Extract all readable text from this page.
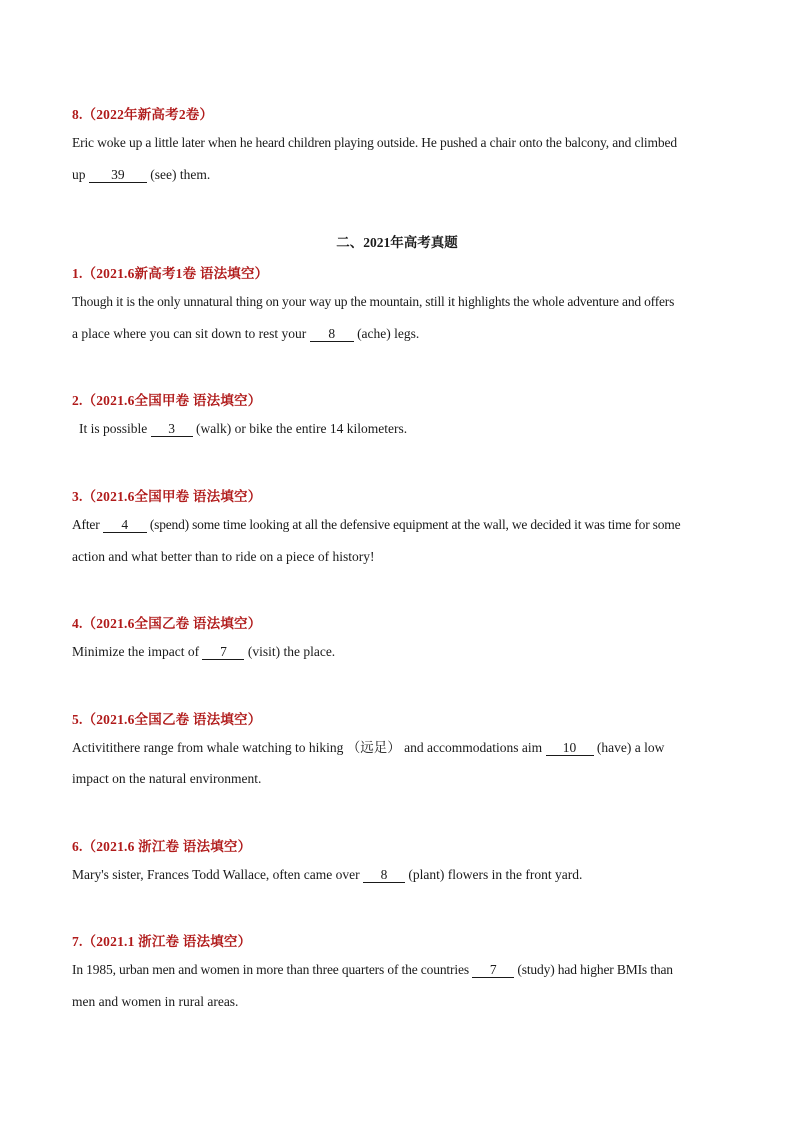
8.（2022年新高考2卷）
Eric woke up a little later when he heard children playing outside. He pushed a chair onto the balcony, and climbed
up 39 (see) them.
二、2021年高考真题
1.（2021.6新高考1卷 语法填空）
Though it is the only unnatural thing on your way up the mountain, still it highlights the whole adventure and offers
a place where you can sit down to rest your 8 (ache) legs.
2.（2021.6全国甲卷 语法填空）
It is possible 3 (walk) or bike the entire 14 kilometers.
3.（2021.6全国甲卷 语法填空）
After 4 (spend) some time looking at all the defensive equipment at the wall, we decided it was time for some
action and what better than to ride on a piece of history!
4.（2021.6全国乙卷 语法填空）
Minimize the impact of 7 (visit) the place.
5.（2021.6全国乙卷 语法填空）
Activitithere range from whale watching to hiking （远足） and accommodations aim 10 (have) a low
impact on the natural environment.
6.（2021.6 浙江卷 语法填空）
Mary's sister, Frances Todd Wallace, often came over 8 (plant) flowers in the front yard.
7.（2021.1 浙江卷 语法填空）
In 1985, urban men and women in more than three quarters of the countries 7 (study) had higher BMIs than
men and women in rural areas.
